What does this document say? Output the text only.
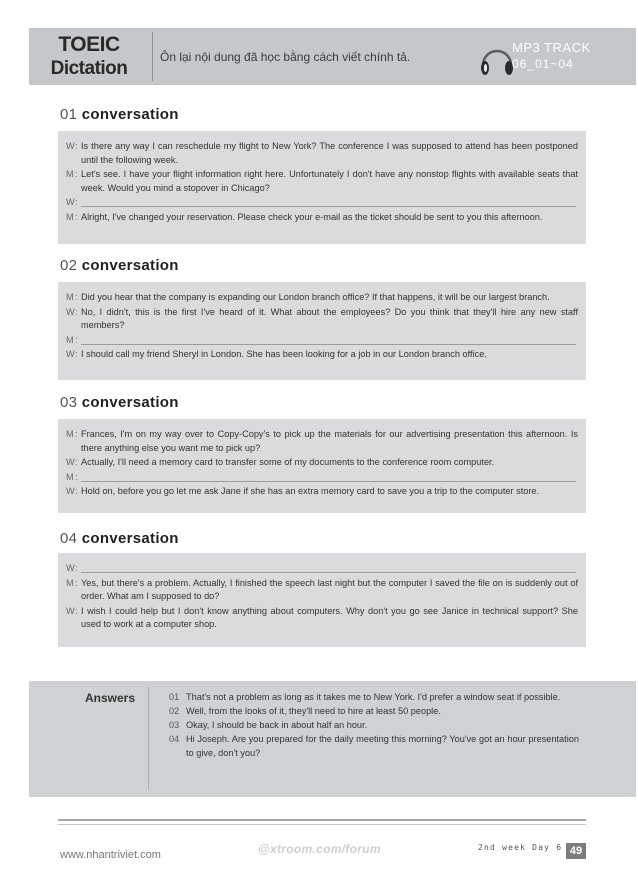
TOEIC
Dictation
Ôn lại nội dung đã học bằng cách viết chính tả.
MP3 TRACK
06_01~04
01 conversation
W : Is there any way I can reschedule my flight to New York? The conference I was supposed to attend has been postponed until the following week.
M : Let's see. I have your flight information right here. Unfortunately I don't have any nonstop flights with available seats that week. Would you mind a stopover in Chicago?
W :
M : Alright, I've changed your reservation. Please check your e-mail as the ticket should be sent to you this afternoon.
02 conversation
M : Did you hear that the company is expanding our London branch office? If that happens, it will be our largest branch.
W : No, I didn't, this is the first I've heard of it. What about the employees? Do you think that they'll hire any new staff members?
M :
W : I should call my friend Sheryl in London. She has been looking for a job in our London branch office.
03 conversation
M : Frances, I'm on my way over to Copy-Copy's to pick up the materials for our advertising presentation this afternoon. Is there anything else you want me to pick up?
W : Actually, I'll need a memory card to transfer some of my documents to the conference room computer.
M :
W : Hold on, before you go let me ask Jane if she has an extra memory card to save you a trip to the computer store.
04 conversation
W :
M : Yes, but there's a problem. Actually, I finished the speech last night but the computer I saved the file on is suddenly out of order. What am I supposed to do?
W : I wish I could help but I don't know anything about computers. Why don't you go see Janice in technical support? She used to work at a computer shop.
Answers	01 That's not a problem as long as it takes me to New York. I'd prefer a window seat if possible.
02 Well, from the looks of it, they'll need to hire at least 50 people.
03 Okay, I should be back in about half an hour.
04 Hi Joseph. Are you prepared for the daily meeting this morning? You've got an hour presentation to give, don't you?
www.nhantriviet.com	@xtroom.com/forum	2nd week Day 6 49
